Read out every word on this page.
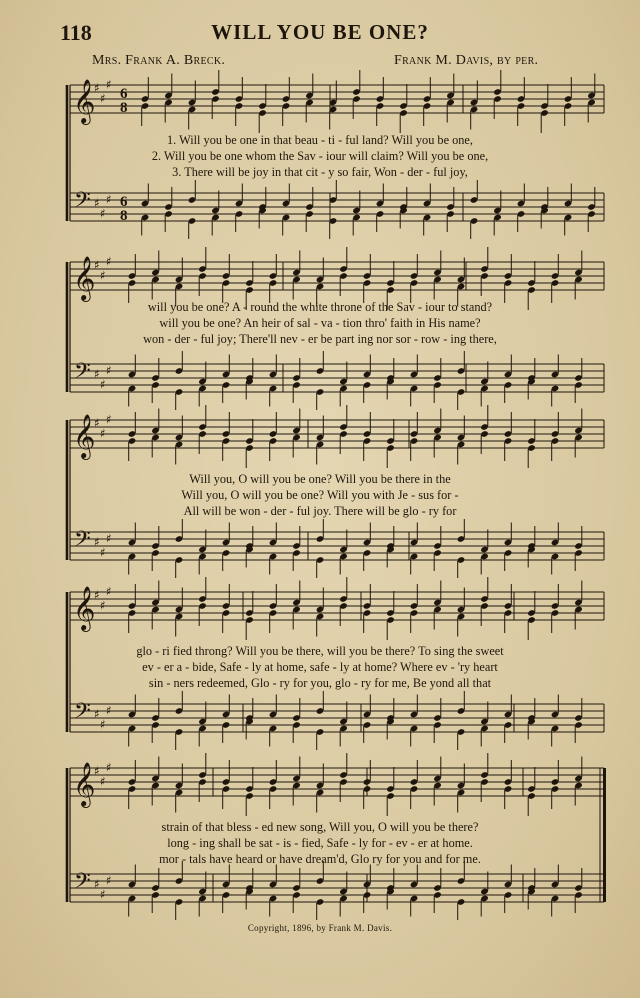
118	WILL YOU BE ONE?
Mrs. Frank A. Breck.	Frank M. Davis, by per.
𝄞
𝄢
♯
♯
♯
♯
♯
♯
6
8
6
8
𝄞
𝄢
♯
♯
♯
♯
♯
♯
𝄞
𝄢
♯
♯
♯
♯
♯
♯
𝄞
𝄢
♯
♯
♯
♯
♯
♯
𝄞
𝄢
♯
♯
♯
♯
♯
♯
1. Will you be one in that beau - ti - ful land? Will you be one,
2. Will you be one whom the Sav - iour will claim? Will you be one,
3. There will be joy in that cit - y so fair, Won - der - ful joy,
will you be one? A - round the white throne of the Sav - iour to stand?
will you be one? An heir of sal - va - tion thro' faith in His name?
won - der - ful joy; There'll nev - er be part ing nor sor - row - ing there,
Will you, O will you be one? Will you be there in the
Will you, O will you be one? Will you with Je - sus for -
All will be won - der - ful joy. There will be glo - ry for
glo - ri fied throng? Will you be there, will you be there? To sing the sweet
ev - er a - bide, Safe - ly at home, safe - ly at home? Where ev - 'ry heart
sin - ners redeemed, Glo - ry for you, glo - ry for me, Be yond all that
strain of that bless - ed new song, Will you, O will you be there?
long - ing shall be sat - is - fied, Safe - ly for - ev - er at home.
mor - tals have heard or have dream'd, Glo ry for you and for me.
Copyright, 1896, by Frank M. Davis.
